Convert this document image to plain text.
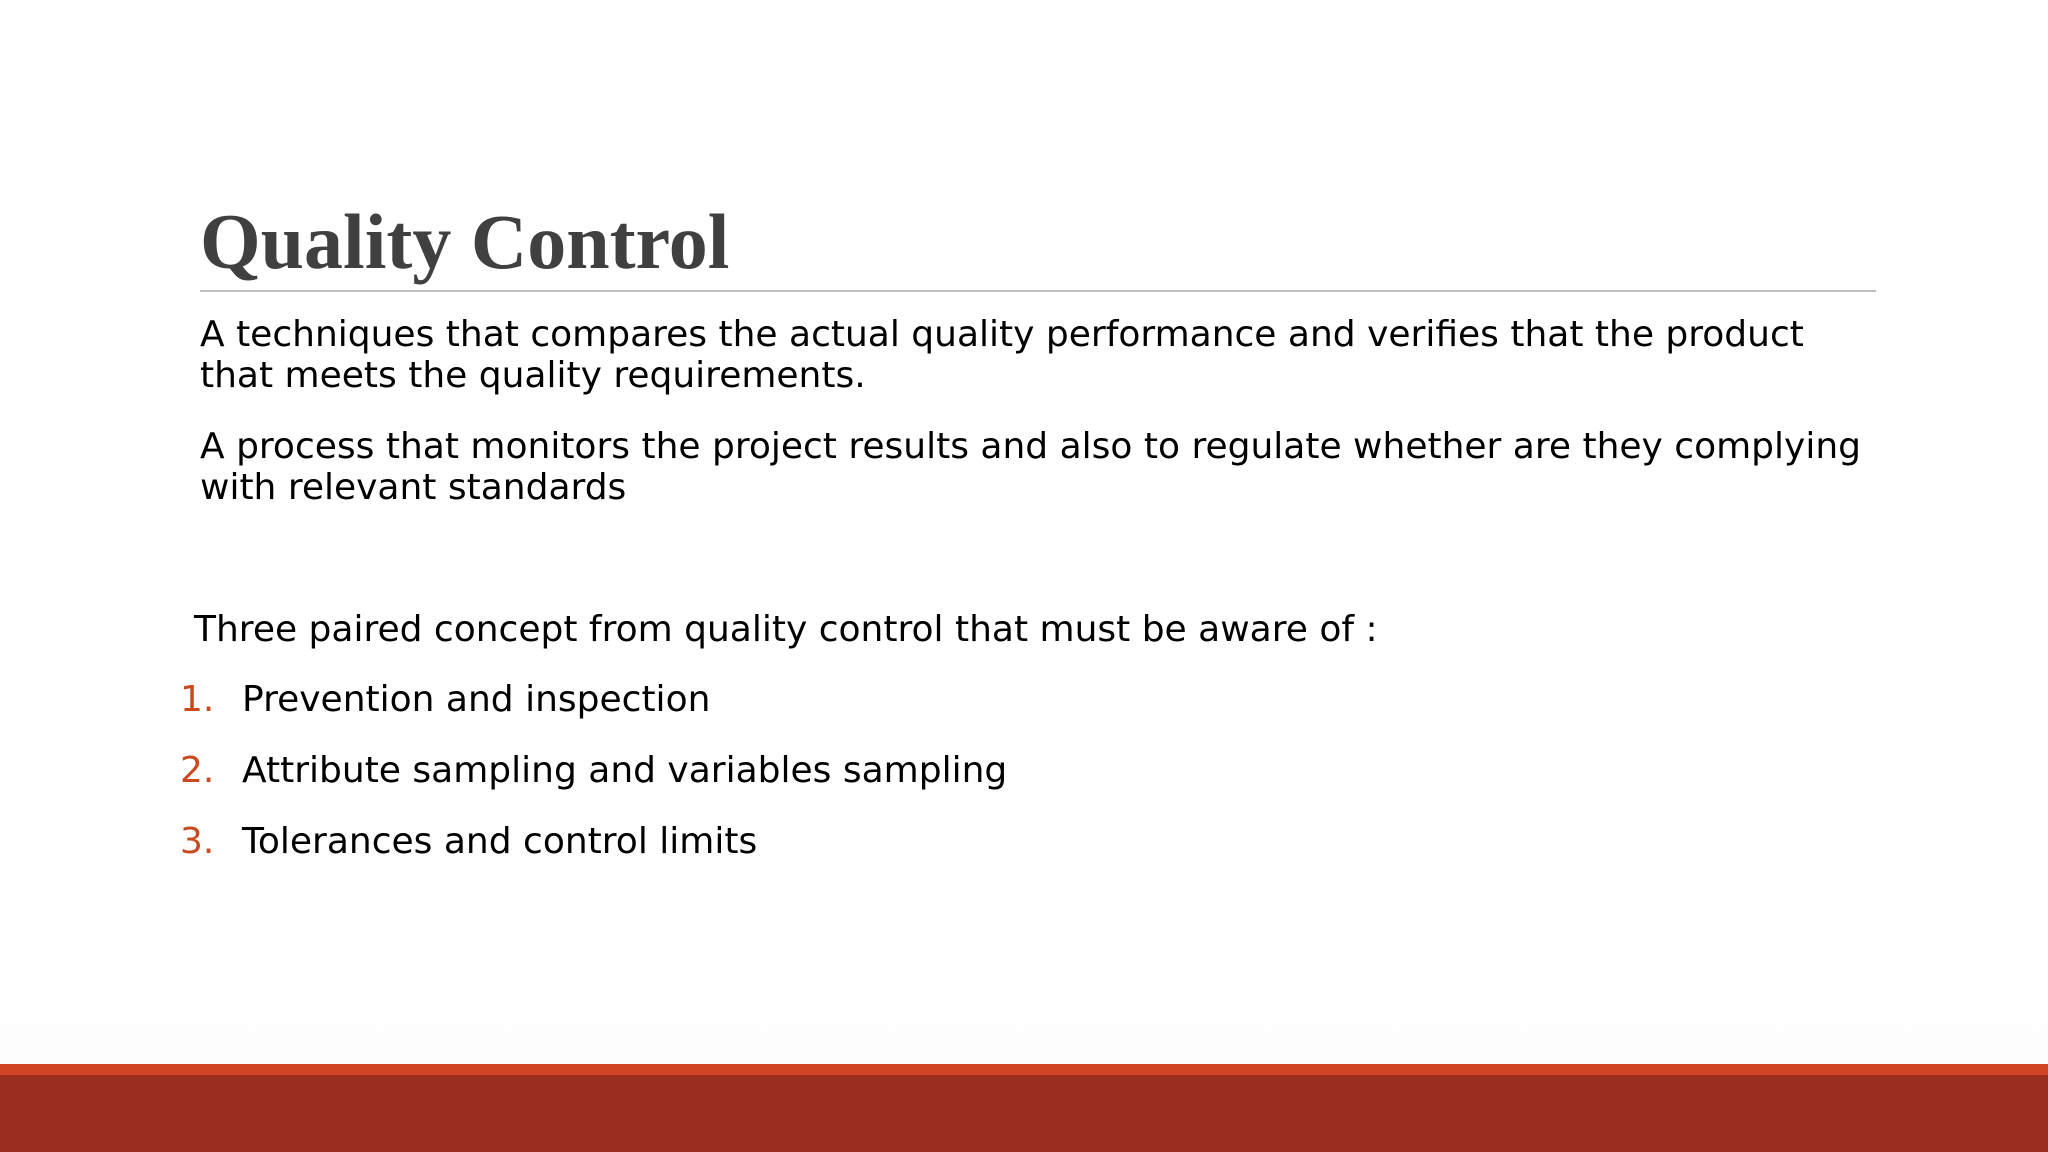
Quality Control

A techniques that compares the actual quality performance and verifies that the product that meets the quality requirements.

A process that monitors the project results and also to regulate whether are they complying with relevant standards

Three paired concept from quality control that must be aware of :

1. Prevention and inspection
2. Attribute sampling and variables sampling
3. Tolerances and control limits
